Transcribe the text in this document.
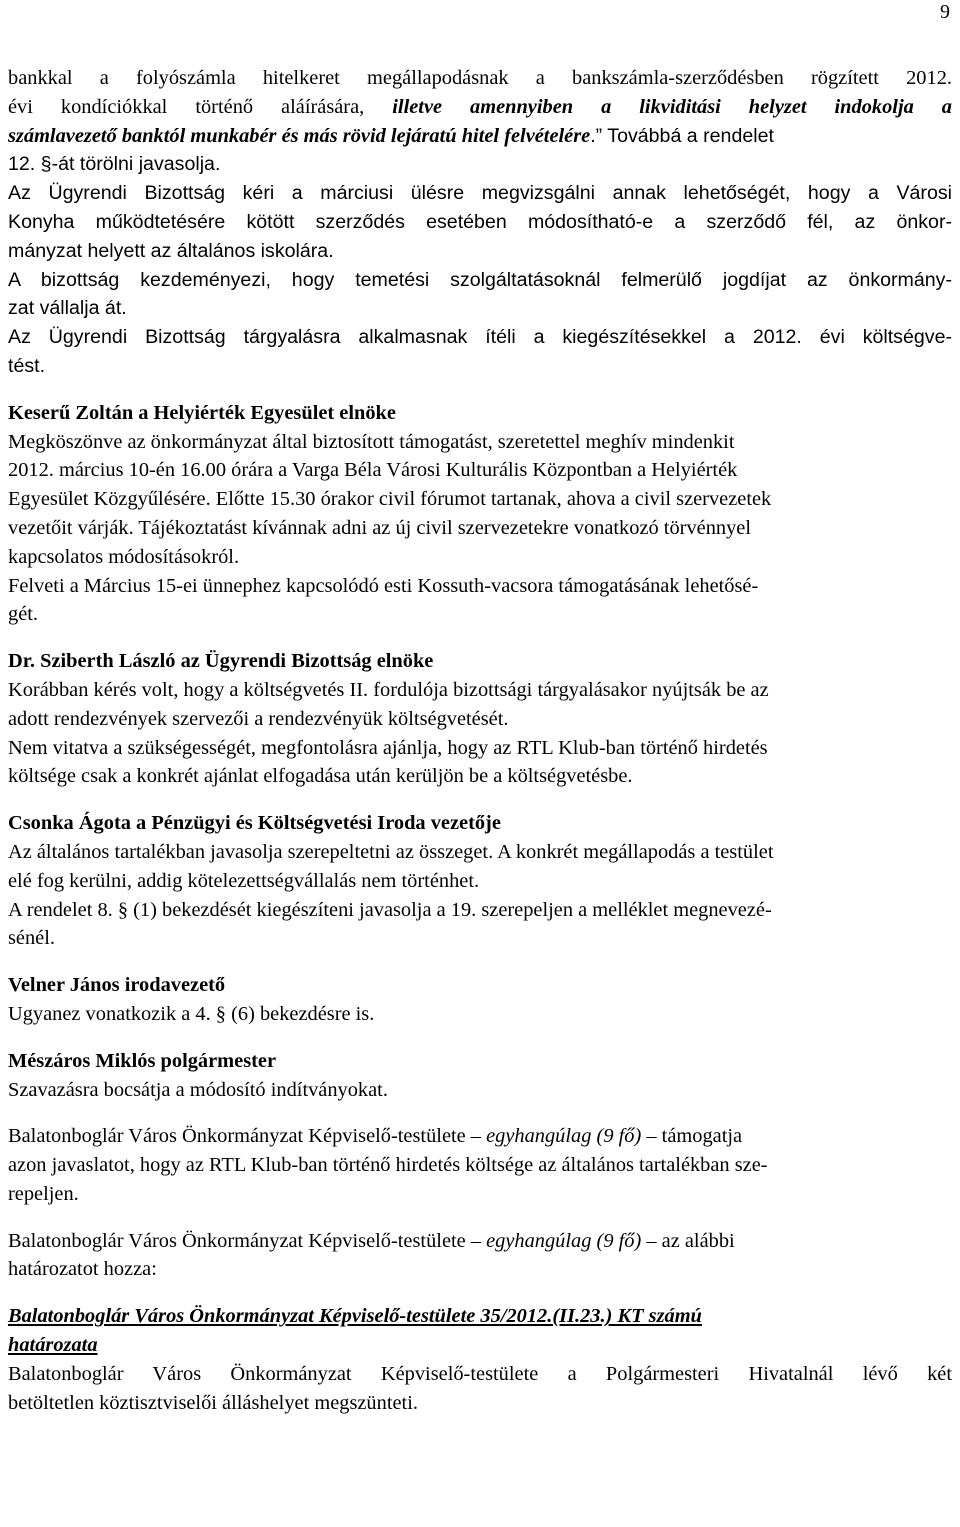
9
bankkal a folyószámla hitelkeret megállapodásnak a bankszámla-szerződésben rögzített 2012.
évi kondíciókkal történő aláírására, illetve amennyiben a likviditási helyzet indokolja a
számlavezető banktól munkabér és más rövid lejáratú hitel felvételére.” Továbbá a rendelet
12. §-át törölni javasolja.
Az Ügyrendi Bizottság kéri a márciusi ülésre megvizsgálni annak lehetőségét, hogy a Városi
Konyha működtetésére kötött szerződés esetében módosítható-e a szerződő fél, az önkor-
mányzat helyett az általános iskolára.
A bizottság kezdeményezi, hogy temetési szolgáltatásoknál felmerülő jogdíjat az önkormány-
zat vállalja át.
Az Ügyrendi Bizottság tárgyalásra alkalmasnak ítéli a kiegészítésekkel a 2012. évi költségve-
tést.
Keserű Zoltán a Helyiérték Egyesület elnöke
Megköszönve az önkormányzat által biztosított támogatást, szeretettel meghív mindenkit
2012. március 10-én 16.00 órára a Varga Béla Városi Kulturális Központban a Helyiérték
Egyesület Közgyűlésére. Előtte 15.30 órakor civil fórumot tartanak, ahova a civil szervezetek
vezetőit várják. Tájékoztatást kívánnak adni az új civil szervezetekre vonatkozó törvénnyel
kapcsolatos módosításokról.
Felveti a Március 15-ei ünnephez kapcsolódó esti Kossuth-vacsora támogatásának lehetősé-
gét.
Dr. Sziberth László az Ügyrendi Bizottság elnöke
Korábban kérés volt, hogy a költségvetés II. fordulója bizottsági tárgyalásakor nyújtsák be az
adott rendezvények szervezői a rendezvényük költségvetését.
Nem vitatva a szükségességét, megfontolásra ajánlja, hogy az RTL Klub-ban történő hirdetés
költsége csak a konkrét ajánlat elfogadása után kerüljön be a költségvetésbe.
Csonka Ágota a Pénzügyi és Költségvetési Iroda vezetője
Az általános tartalékban javasolja szerepeltetni az összeget. A konkrét megállapodás a testület
elé fog kerülni, addig kötelezettségvállalás nem történhet.
A rendelet 8. § (1) bekezdését kiegészíteni javasolja a 19. szerepeljen a melléklet megnevezé-
sénél.
Velner János irodavezető
Ugyanez vonatkozik a 4. § (6) bekezdésre is.
Mészáros Miklós polgármester
Szavazásra bocsátja a módosító indítványokat.
Balatonboglár Város Önkormányzat Képviselő-testülete – egyhangúlag (9 fő) – támogatja
azon javaslatot, hogy az RTL Klub-ban történő hirdetés költsége az általános tartalékban sze-
repeljen.
Balatonboglár Város Önkormányzat Képviselő-testülete – egyhangúlag (9 fő) – az alábbi
határozatot hozza:
Balatonboglár Város Önkormányzat Képviselő-testülete 35/2012.(II.23.) KT számú
határozata
Balatonboglár Város Önkormányzat Képviselő-testülete a Polgármesteri Hivatalnál lévő két
betöltetlen köztisztviselői álláshelyet megszünteti.
